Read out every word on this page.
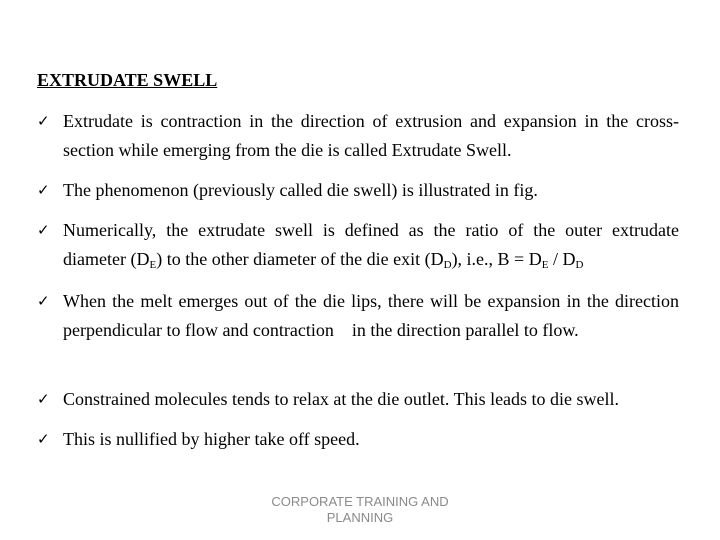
EXTRUDATE SWELL
✓ Extrudate is contraction in the direction of extrusion and expansion in the cross-section while emerging from the die is called Extrudate Swell.
✓ The phenomenon (previously called die swell) is illustrated in fig.
✓ Numerically, the extrudate swell is defined as the ratio of the outer extrudate diameter $(D_E)$ to the other diameter of the die exit $(D_D)$, i.e., $B = D_E / D_D$
✓ When the melt emerges out of the die lips, there will be expansion in the direction perpendicular to flow and contraction    in the direction parallel to flow.
✓ Constrained molecules tends to relax at the die outlet. This leads to die swell.
✓ This is nullified by higher take off speed.
CORPORATE TRAINING AND PLANNING
